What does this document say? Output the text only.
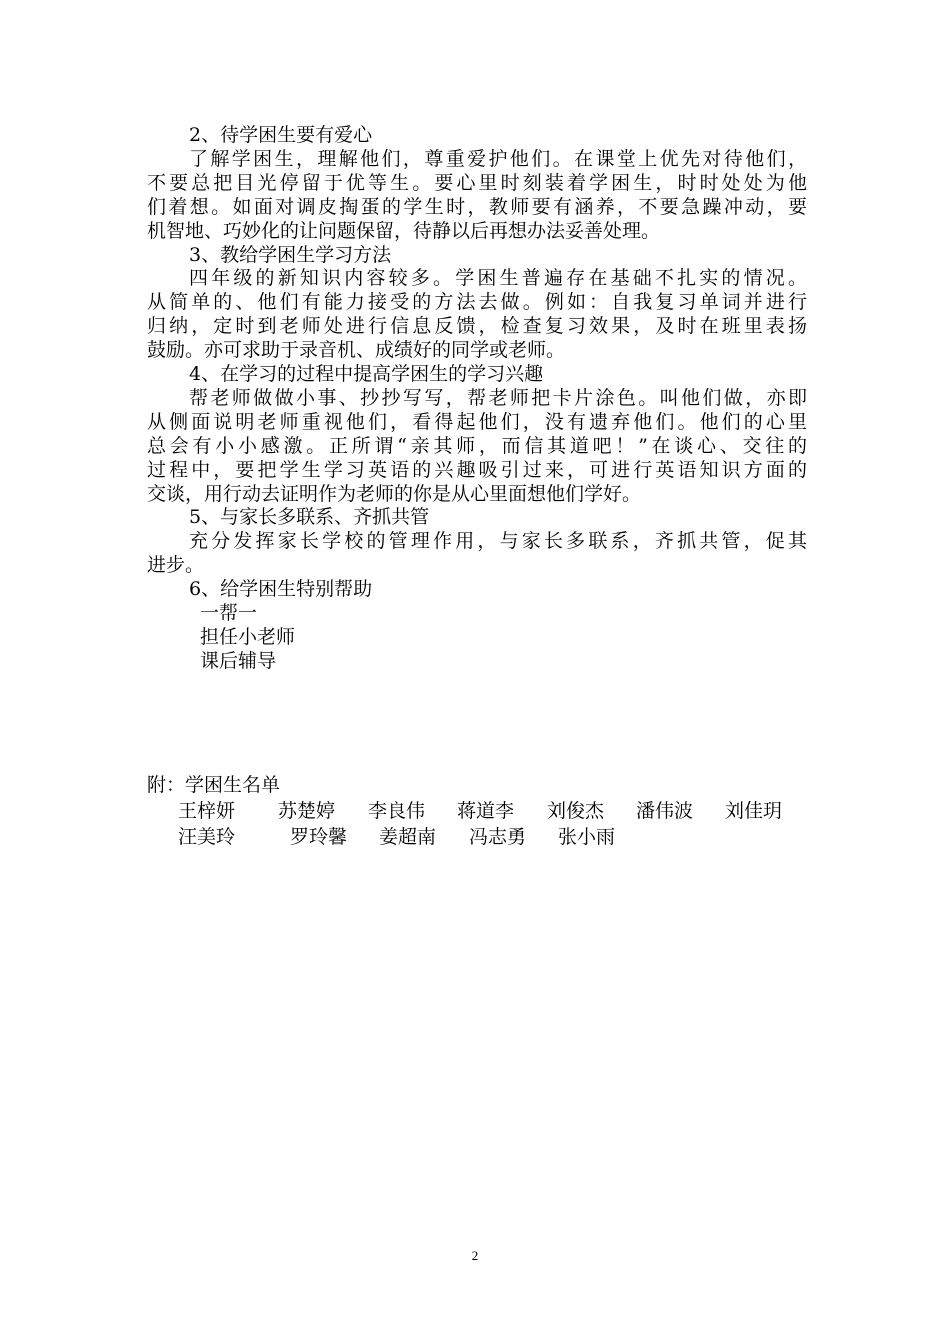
2、待学困生要有爱心
了解学困生，理解他们，尊重爱护他们。在课堂上优先对待他们，
不要总把目光停留于优等生。要心里时刻装着学困生，时时处处为他
们着想。如面对调皮掏蛋的学生时，教师要有涵养，不要急躁冲动，要
机智地、巧妙化的让问题保留，待静以后再想办法妥善处理。
3、教给学困生学习方法
四年级的新知识内容较多。学困生普遍存在基础不扎实的情况。
从简单的、他们有能力接受的方法去做。例如：自我复习单词并进行
归纳，定时到老师处进行信息反馈，检查复习效果，及时在班里表扬
鼓励。亦可求助于录音机、成绩好的同学或老师。
4、在学习的过程中提高学困生的学习兴趣
帮老师做做小事、抄抄写写，帮老师把卡片涂色。叫他们做，亦即
从侧面说明老师重视他们，看得起他们，没有遗弃他们。他们的心里
总会有小小感激。正所谓“亲其师，而信其道吧！”在谈心、交往的
过程中，要把学生学习英语的兴趣吸引过来，可进行英语知识方面的
交谈，用行动去证明作为老师的你是从心里面想他们学好。
5、与家长多联系、齐抓共管
充分发挥家长学校的管理作用，与家长多联系，齐抓共管，促其
进步。
6、给学困生特别帮助
一帮一
担任小老师
课后辅导
附：学困生名单
王梓妍 苏楚婷 李良伟 蒋道李 刘俊杰 潘伟波 刘佳玥
汪美玲	罗玲馨 姜超南 冯志勇 张小雨
2
